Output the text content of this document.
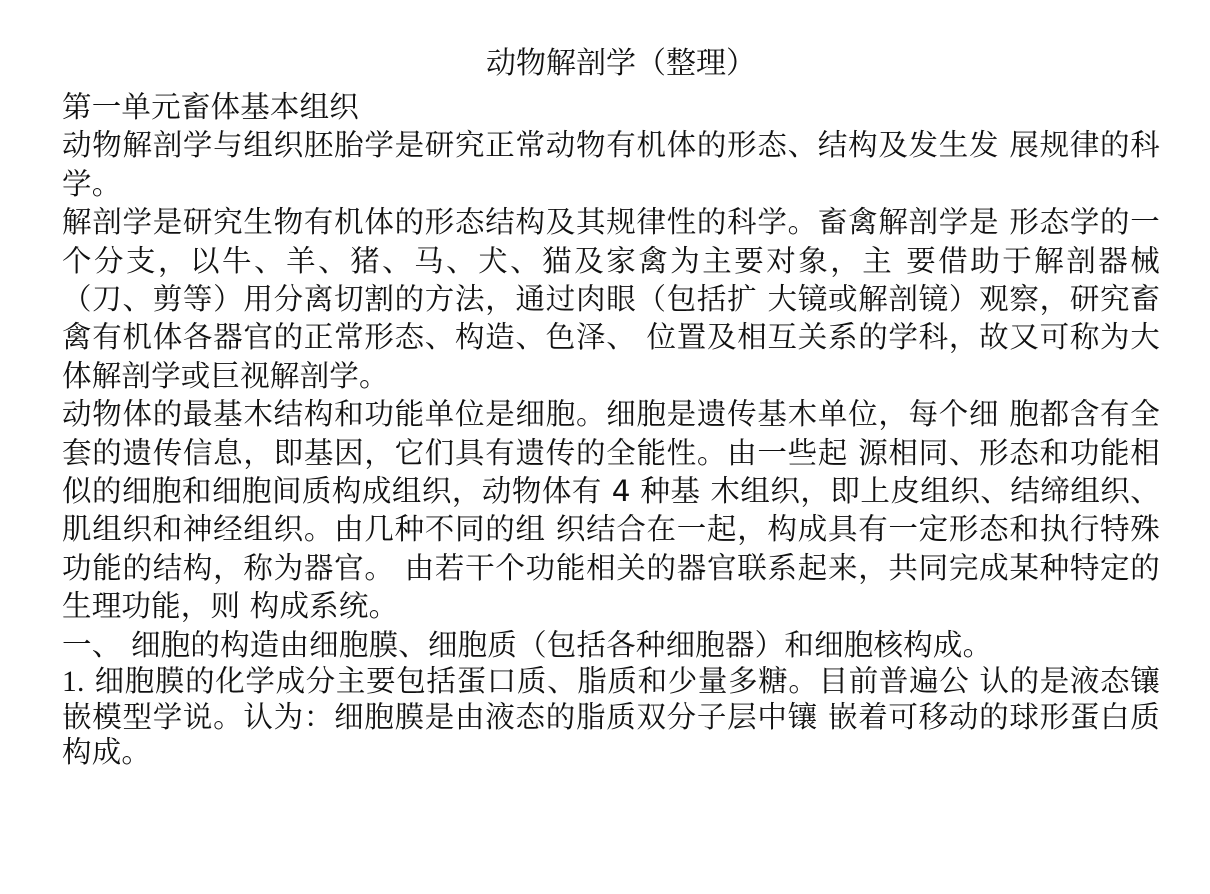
动物解剖学（整理）

第一单元畜体基本组织

动物解剖学与组织胚胎学是研究正常动物有机体的形态、结构及发生发 展规律的科学。

解剖学是研究生物有机体的形态结构及其规律性的科学。畜禽解剖学是 形态学的一个分支，以牛、羊、猪、马、犬、猫及家禽为主要对象，主 要借助于解剖器械（刀、剪等）用分离切割的方法，通过肉眼（包括扩 大镜或解剖镜）观察，研究畜禽有机体各器官的正常形态、构造、色泽、 位置及相互关系的学科，故又可称为大体解剖学或巨视解剖学。

动物体的最基木结构和功能单位是细胞。细胞是遗传基木单位，每个细 胞都含有全套的遗传信息，即基因，它们具有遗传的全能性。由一些起 源相同、形态和功能相似的细胞和细胞间质构成组织，动物体有 4 种基 木组织，即上皮组织、结缔组织、肌组织和神经组织。由几种不同的组 织结合在一起，构成具有一定形态和执行特殊功能的结构，称为器官。 由若干个功能相关的器官联系起来，共同完成某种特定的生理功能，则 构成系统。

一、 细胞的构造由细胞膜、细胞质（包括各种细胞器）和细胞核构成。

1. 细胞膜的化学成分主要包括蛋口质、脂质和少量多糖。目前普遍公 认的是液态镶嵌模型学说。认为：细胞膜是由液态的脂质双分子层中镶 嵌着可移动的球形蛋白质构成。
